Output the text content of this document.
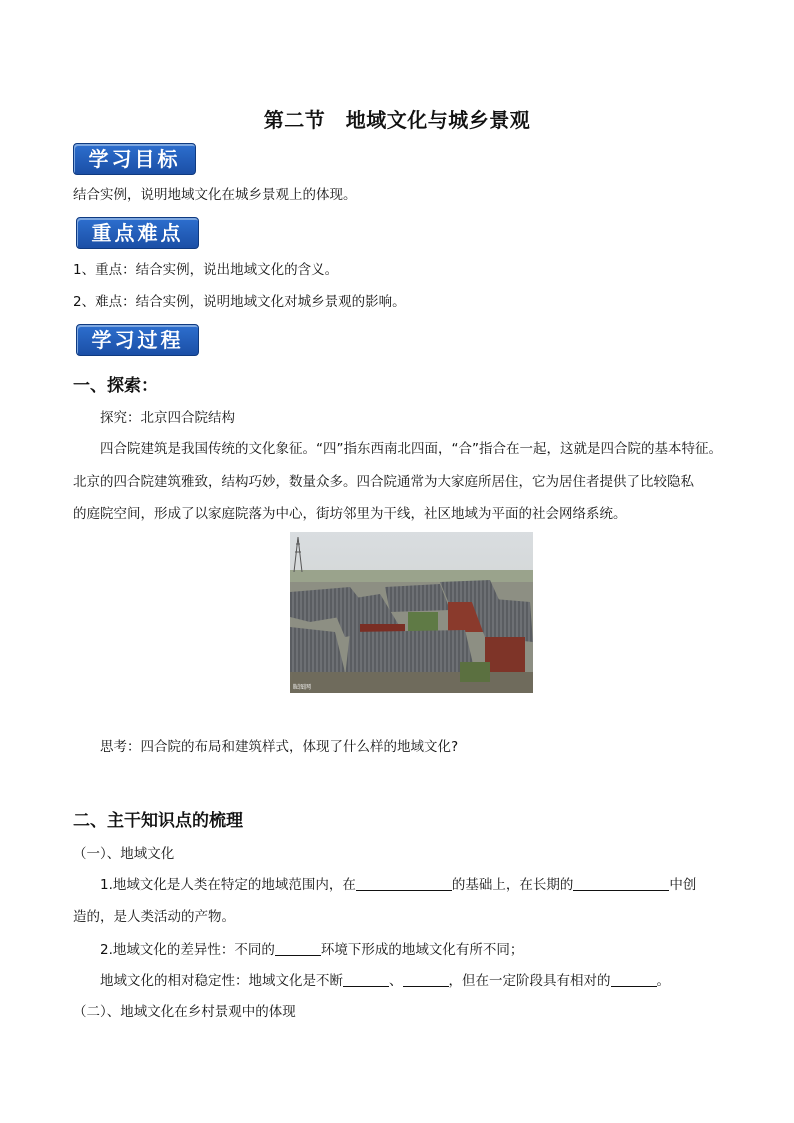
第二节　地域文化与城乡景观
学习目标
结合实例，说明地域文化在城乡景观上的体现。
重点难点
1、重点：结合实例，说出地域文化的含义。
2、难点：结合实例，说明地域文化对城乡景观的影响。
学习过程
一、探索：
探究：北京四合院结构
四合院建筑是我国传统的文化象征。“四”指东西南北四面，“合”指合在一起，这就是四合院的基本特征。
北京的四合院建筑雅致，结构巧妙，数量众多。四合院通常为大家庭所居住，它为居住者提供了比较隐私
的庭院空间，形成了以家庭院落为中心，街坊邻里为干线，社区地域为平面的社会网络系统。
昵图网
思考：四合院的布局和建筑样式，体现了什么样的地域文化?
二、主干知识点的梳理
（一）、地域文化
1.地域文化是人类在特定的地域范围内，在	的基础上，在长期的	中创
造的，是人类活动的产物。
2.地域文化的差异性：不同的	环境下形成的地域文化有所不同；
地域文化的相对稳定性：地域文化是不断	、	，但在一定阶段具有相对的	。
（二）、地域文化在乡村景观中的体现
